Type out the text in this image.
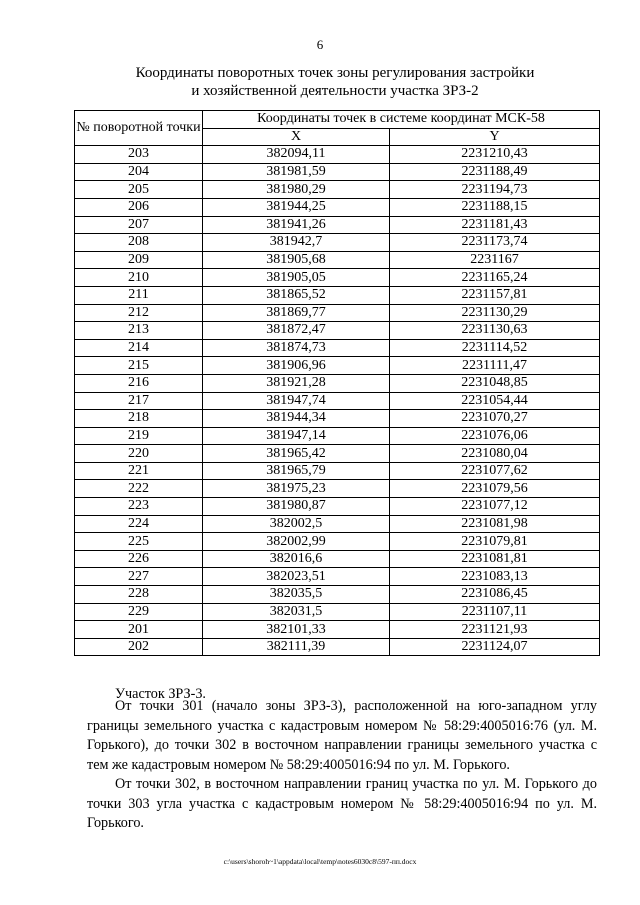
6
Координаты поворотных точек зоны регулирования застройки
и хозяйственной деятельности участка ЗРЗ-2
№ поворотной точки	Координаты точек в системе координат МСК-58	
	X	Y
203	382094,11	2231210,43
204	381981,59	2231188,49
205	381980,29	2231194,73
206	381944,25	2231188,15
207	381941,26	2231181,43
208	381942,7	2231173,74
209	381905,68	2231167
210	381905,05	2231165,24
211	381865,52	2231157,81
212	381869,77	2231130,29
213	381872,47	2231130,63
214	381874,73	2231114,52
215	381906,96	2231111,47
216	381921,28	2231048,85
217	381947,74	2231054,44
218	381944,34	2231070,27
219	381947,14	2231076,06
220	381965,42	2231080,04
221	381965,79	2231077,62
222	381975,23	2231079,56
223	381980,87	2231077,12
224	382002,5	2231081,98
225	382002,99	2231079,81
226	382016,6	2231081,81
227	382023,51	2231083,13
228	382035,5	2231086,45
229	382031,5	2231107,11
201	382101,33	2231121,93
202	382111,39	2231124,07
Участок ЗРЗ-3.
От точки 301 (начало зоны ЗРЗ-3), расположенной на юго-западном углу границы земельного участка с кадастровым номером № 58:29:4005016:76 (ул. М. Горького), до точки 302 в восточном направлении границы земельного участка с тем же кадастровым номером № 58:29:4005016:94 по ул. М. Горького.
От точки 302, в восточном направлении границ участка по ул. М. Горького до точки 303 угла участка с кадастровым номером № 58:29:4005016:94 по ул. М. Горького.
c:\users\shoroh~1\appdata\local\temp\notes6030c8\597-пп.docx
